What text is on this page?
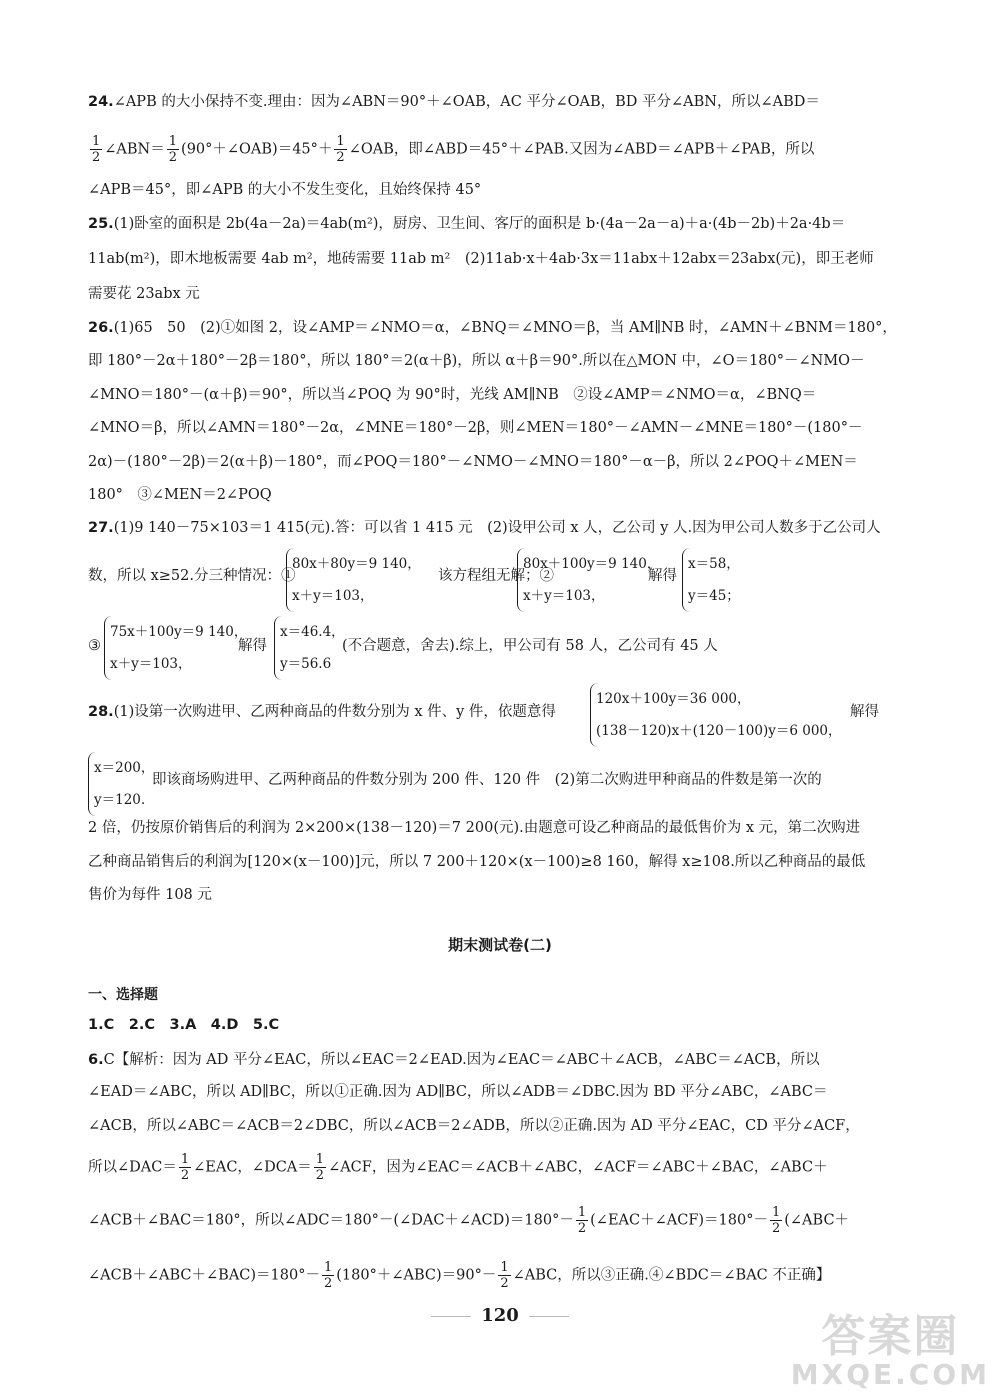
24.∠APB 的大小保持不变.理由：因为∠ABN＝90°＋∠OAB，AC 平分∠OAB，BD 平分∠ABN，所以∠ABD＝
$\frac{1}{2}$ ∠ABN＝ $\frac{1}{2}$ (90°＋∠OAB)＝45°＋ $\frac{1}{2}$ ∠OAB，即∠ABD＝45°＋∠PAB.又因为∠ABD＝∠APB＋∠PAB，所以
∠APB＝45°，即∠APB 的大小不发生变化，且始终保持 45°
25.(1)卧室的面积是 2b(4a－2a)＝4ab(m²)，厨房、卫生间、客厅的面积是 b·(4a－2a－a)＋a·(4b－2b)＋2a·4b＝
11ab(m²)，即木地板需要 4ab m²，地砖需要 11ab m²　(2)11ab·x＋4ab·3x＝11abx＋12abx＝23abx(元)，即王老师
需要花 23abx 元
26.(1)65　50　(2)①如图 2，设∠AMP＝∠NMO＝α，∠BNQ＝∠MNO＝β，当 AM∥NB 时，∠AMN＋∠BNM＝180°，
即 180°－2α＋180°－2β＝180°，所以 180°＝2(α＋β)，所以 α＋β＝90°.所以在△MON 中，∠O＝180°－∠NMO－
∠MNO＝180°－(α＋β)＝90°，所以当∠POQ 为 90°时，光线 AM∥NB　②设∠AMP＝∠NMO＝α，∠BNQ＝
∠MNO＝β，所以∠AMN＝180°－2α，∠MNE＝180°－2β，则∠MEN＝180°－∠AMN－∠MNE＝180°－(180°－
2α)－(180°－2β)＝2(α＋β)－180°，而∠POQ＝180°－∠NMO－∠MNO＝180°－α－β，所以 2∠POQ＋∠MEN＝
180°　③∠MEN＝2∠POQ
27.(1)9 140－75×103＝1 415(元).答：可以省 1 415 元　(2)设甲公司 x 人，乙公司 y 人.因为甲公司人数多于乙公司人
数，所以 x≥52.分三种情况：①
80x＋80y＝9 140，
x＋y＝103，
该方程组无解；②
80x＋100y＝9 140，
x＋y＝103，
解得
x＝58，
y＝45；
③
75x＋100y＝9 140，
x＋y＝103，
解得
x＝46.4，
y＝56.6
(不合题意，舍去).综上，甲公司有 58 人，乙公司有 45 人
28.(1)设第一次购进甲、乙两种商品的件数分别为 x 件、y 件，依题意得
120x＋100y＝36 000，
(138－120)x＋(120－100)y＝6 000，
解得
x＝200，
y＝120.
即该商场购进甲、乙两种商品的件数分别为 200 件、120 件　(2)第二次购进甲种商品的件数是第一次的
2 倍，仍按原价销售后的利润为 2×200×(138－120)＝7 200(元).由题意可设乙种商品的最低售价为 x 元，第二次购进
乙种商品销售后的利润为[120×(x－100)]元，所以 7 200＋120×(x－100)≥8 160，解得 x≥108.所以乙种商品的最低
售价为每件 108 元
期末测试卷(二)
一、选择题
1.C　2.C　3.A　4.D　5.C
6.C【解析：因为 AD 平分∠EAC，所以∠EAC＝2∠EAD.因为∠EAC＝∠ABC＋∠ACB，∠ABC＝∠ACB，所以
∠EAD＝∠ABC，所以 AD∥BC，所以①正确.因为 AD∥BC，所以∠ADB＝∠DBC.因为 BD 平分∠ABC，∠ABC＝
∠ACB，所以∠ABC＝∠ACB＝2∠DBC，所以∠ACB＝2∠ADB，所以②正确.因为 AD 平分∠EAC，CD 平分∠ACF，
所以∠DAC＝ $\frac{1}{2}$ ∠EAC，∠DCA＝ $\frac{1}{2}$ ∠ACF，因为∠EAC＝∠ACB＋∠ABC，∠ACF＝∠ABC＋∠BAC，∠ABC＋
∠ACB＋∠BAC＝180°，所以∠ADC＝180°－(∠DAC＋∠ACD)＝180°－ $\frac{1}{2}$ (∠EAC＋∠ACF)＝180°－ $\frac{1}{2}$ (∠ABC＋
∠ACB＋∠ABC＋∠BAC)＝180°－ $\frac{1}{2}$ (180°＋∠ABC)＝90°－ $\frac{1}{2}$ ∠ABC，所以③正确.④∠BDC＝∠BAC 不正确】
120	答案圈
MXQE.COM
